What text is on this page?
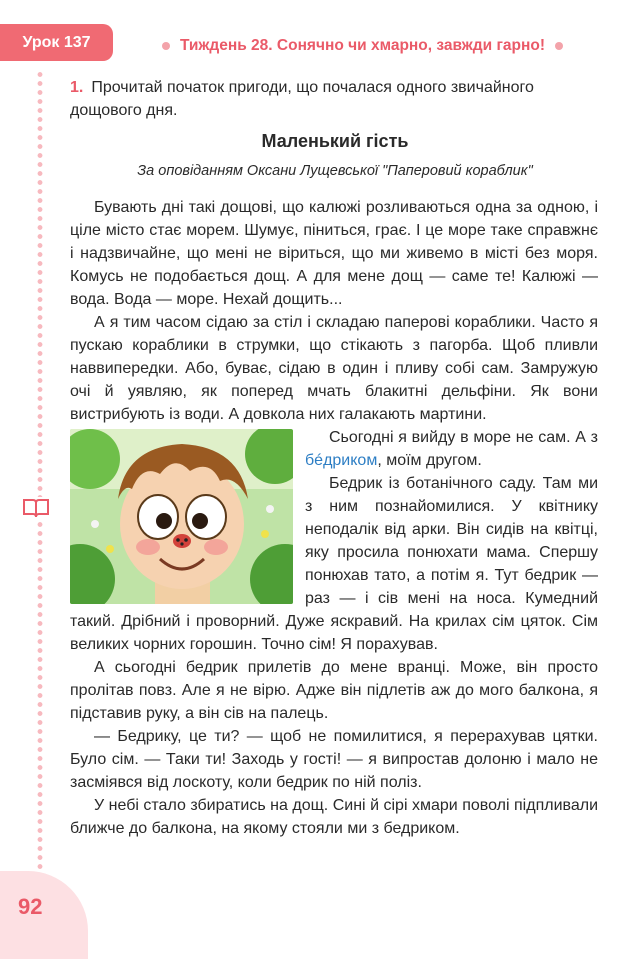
Урок 137	Тиждень 28. Сонячно чи хмарно, завжди гарно!
1. Прочитай початок пригоди, що почалася одного звичайного дощового дня.
Маленький гість
За оповіданням Оксани Лущевської "Паперовий кораблик"

Бувають дні такі дощові, що калюжі розливаються одна за одною, і ціле місто стає морем. Шумує, піниться, грає. І це море таке справжнє і надзвичайне, що мені не віриться, що ми живемо в місті без моря. Комусь не подобається дощ. А для мене дощ — саме те! Калюжі — вода. Вода — море. Нехай дощить...

А я тим часом сідаю за стіл і складаю паперові кораблики. Часто я пускаю кораблики в струмки, що стікають з пагорба. Щоб пливли наввипередки. Або, буває, сідаю в один і пливу собі сам. Замружую очі й уявляю, як поперед мчать блакитні дельфіни. Як вони вистрибують із води. А довкола них галакають мартини.

Сьогодні я вийду в море не сам. А з бéдриком, моїм другом.

Бедрик із ботанічного саду. Там ми з ним познайомилися. У квітнику неподалік від арки. Він сидів на квітці, яку просила понюхати мама. Спершу понюхав тато, а потім я. Тут бедрик — раз — і сів мені на носа. Кумедний такий. Дрібний і проворний. Дуже яскравий. На крилах сім цяток. Сім великих чорних горошин. Точно сім! Я порахував.

А сьогодні бедрик прилетів до мене вранці. Може, він просто пролітав повз. Але я не вірю. Адже він підлетів аж до мого балкона, я підставив руку, а він сів на палець.

— Бедрику, це ти? — щоб не помилитися, я перерахував цятки. Було сім. — Таки ти! Заходь у гості! — я випростав долоню і мало не засміявся від лоскоту, коли бедрик по ній поліз.

У небі стало збиратись на дощ. Сині й сірі хмари поволі підпливали ближче до балкона, на якому стояли ми з бедриком.

92
